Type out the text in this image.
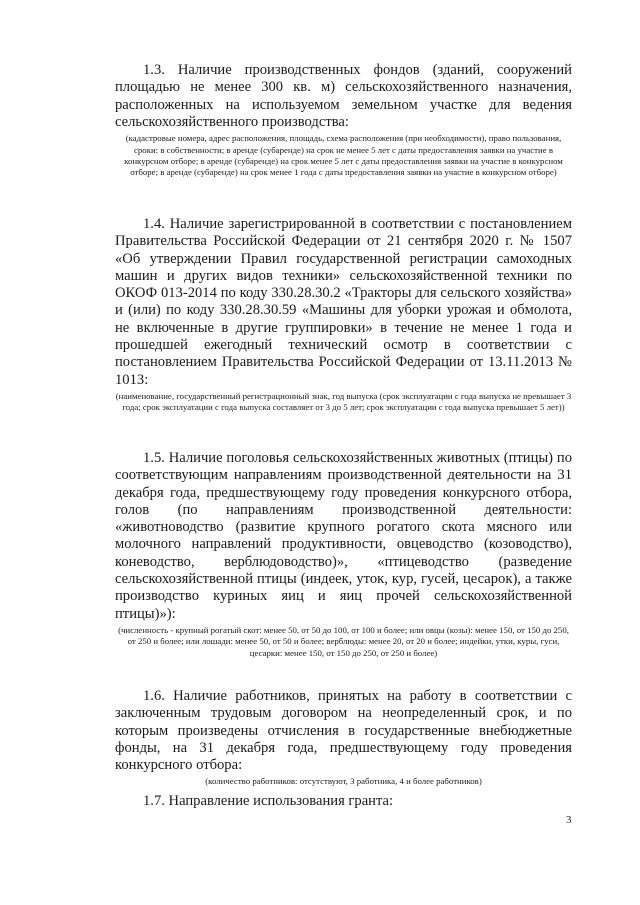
1.3. Наличие производственных фондов (зданий, сооружений площадью не менее 300 кв. м) сельскохозяйственного назначения, расположенных на используемом земельном участке для ведения сельскохозяйственного производства:

(кадастровые номера, адрес расположения, площадь, схема расположения (при необходимости), право пользования, сроки: в собственности; в аренде (субаренде) на срок не менее 5 лет с даты предоставления заявки на участие в конкурсном отборе; в аренде (субаренде) на срок менее 5 лет с даты предоставления заявки на участие в конкурсном отборе; в аренде (субаренде) на срок менее 1 года с даты предоставления заявки на участие в конкурсном отборе)

1.4. Наличие зарегистрированной в соответствии с постановлением Правительства Российской Федерации от 21 сентября 2020 г. № 1507 «Об утверждении Правил государственной регистрации самоходных машин и других видов техники» сельскохозяйственной техники по ОКОФ 013-2014 по коду 330.28.30.2 «Тракторы для сельского хозяйства» и (или) по коду 330.28.30.59 «Машины для уборки урожая и обмолота, не включенные в другие группировки» в течение не менее 1 года и прошедшей ежегодный технический осмотр в соответствии с постановлением Правительства Российской Федерации от 13.11.2013 № 1013:

(наименование, государственный регистрационный знак, год выпуска (срок эксплуатации с года выпуска не превышает 3 года; срок эксплуатации с года выпуска составляет от 3 до 5 лет; срок эксплуатации с года выпуска превышает 5 лет))

1.5. Наличие поголовья сельскохозяйственных животных (птицы) по соответствующим направлениям производственной деятельности на 31 декабря года, предшествующему году проведения конкурсного отбора, голов (по направлениям производственной деятельности: «животноводство (развитие крупного рогатого скота мясного или молочного направлений продуктивности, овцеводство (козоводство), коневодство, верблюдоводство)», «птицеводство (разведение сельскохозяйственной птицы (индеек, уток, кур, гусей, цесарок), а также производство куриных яиц и яиц прочей сельскохозяйственной птицы)»):

(численность - крупный рогатый скот: менее 50, от 50 до 100, от 100 и более; или овцы (козы): менее 150, от 150 до 250, от 250 и более; или лошади: менее 50, от 50 и более; верблюды: менее 20, от 20 и более; индейки, утки, куры, гуси, цесарки: менее 150, от 150 до 250, от 250 и более)

1.6. Наличие работников, принятых на работу в соответствии с заключенным трудовым договором на неопределенный срок, и по которым произведены отчисления в государственные внебюджетные фонды, на 31 декабря года, предшествующему году проведения конкурсного отбора:

(количество работников: отсутствуют, 3 работника, 4 и более работников)

1.7. Направление использования гранта:

3
